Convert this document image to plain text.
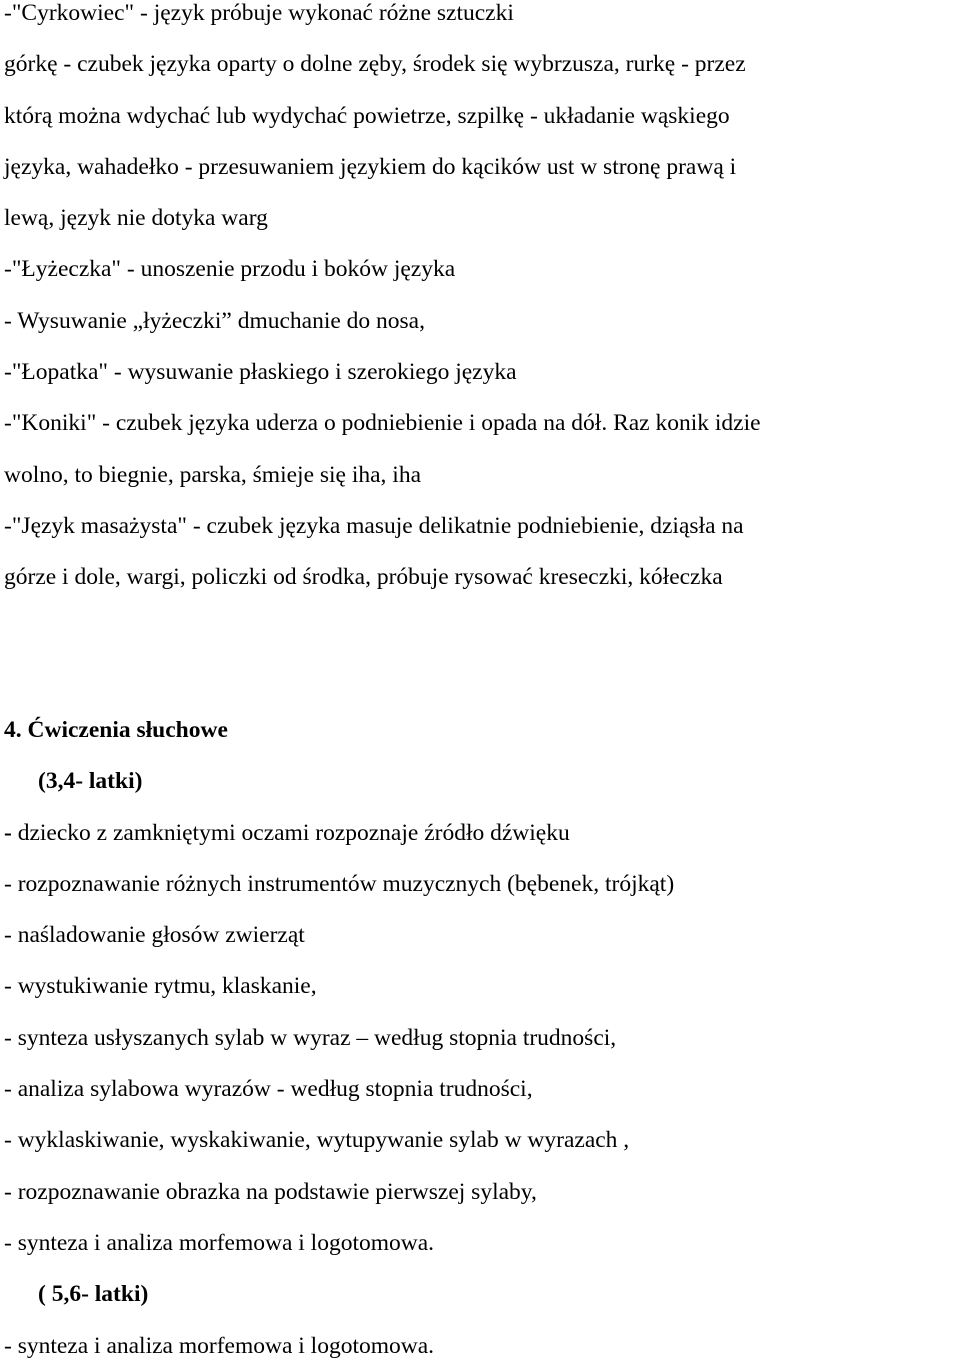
-"Cyrkowiec" - język próbuje wykonać różne sztuczki
górkę - czubek języka oparty o dolne zęby, środek się wybrzusza, rurkę - przez
którą można wdychać lub wydychać powietrze, szpilkę - układanie wąskiego
języka, wahadełko - przesuwaniem językiem do kącików ust w stronę prawą i
lewą, język nie dotyka warg
-"Łyżeczka" - unoszenie przodu i boków języka
- Wysuwanie „łyżeczki” dmuchanie do nosa,
-"Łopatka" - wysuwanie płaskiego i szerokiego języka
-"Koniki" - czubek języka uderza o podniebienie i opada na dół. Raz konik idzie
wolno, to biegnie, parska, śmieje się iha, iha
-"Język masażysta" - czubek języka masuje delikatnie podniebienie, dziąsła na
górze i dole, wargi, policzki od środka, próbuje rysować kreseczki, kółeczka
4. Ćwiczenia słuchowe
(3,4- latki)
- dziecko z zamkniętymi oczami rozpoznaje źródło dźwięku
- rozpoznawanie różnych instrumentów muzycznych (bębenek, trójkąt)
- naśladowanie głosów zwierząt
- wystukiwanie rytmu, klaskanie,
- synteza usłyszanych sylab w wyraz – według stopnia trudności,
- analiza sylabowa wyrazów - według stopnia trudności,
- wyklaskiwanie, wyskakiwanie, wytupywanie sylab w wyrazach ,
- rozpoznawanie obrazka na podstawie pierwszej sylaby,
- synteza i analiza morfemowa i logotomowa.
( 5,6- latki)
- synteza i analiza morfemowa i logotomowa.
